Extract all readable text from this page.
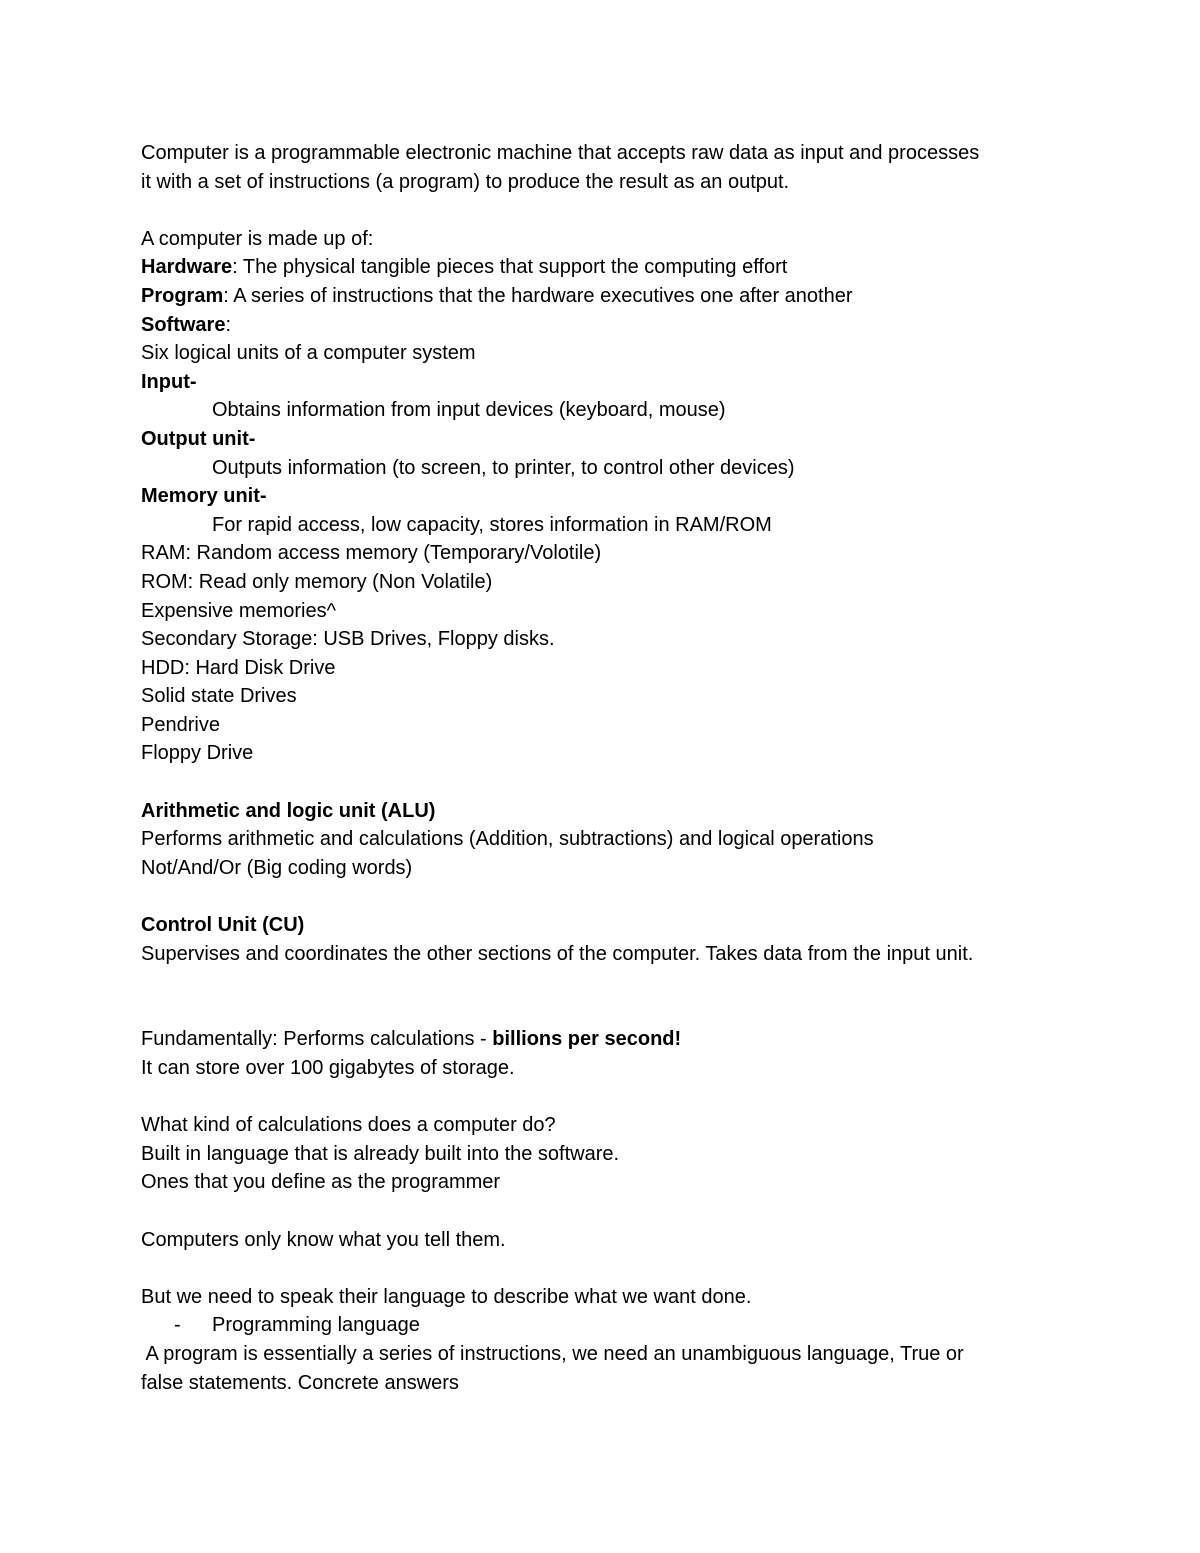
Computer is a programmable electronic machine that accepts raw data as input and processes
it with a set of instructions (a program) to produce the result as an output.
A computer is made up of:
Hardware: The physical tangible pieces that support the computing effort
Program: A series of instructions that the hardware executives one after another
Software:
Six logical units of a computer system
Input-
Obtains information from input devices (keyboard, mouse)
Output unit-
Outputs information (to screen, to printer, to control other devices)
Memory unit-
For rapid access, low capacity, stores information in RAM/ROM
RAM: Random access memory (Temporary/Volotile)
ROM: Read only memory (Non Volatile)
Expensive memories^
Secondary Storage: USB Drives, Floppy disks.
HDD: Hard Disk Drive
Solid state Drives
Pendrive
Floppy Drive
Arithmetic and logic unit (ALU)
Performs arithmetic and calculations (Addition, subtractions) and logical operations
Not/And/Or (Big coding words)
Control Unit (CU)
Supervises and coordinates the other sections of the computer. Takes data from the input unit.
Fundamentally: Performs calculations - billions per second!
It can store over 100 gigabytes of storage.
What kind of calculations does a computer do?
Built in language that is already built into the software.
Ones that you define as the programmer
Computers only know what you tell them.
But we need to speak their language to describe what we want done.
-	Programming language
A program is essentially a series of instructions, we need an unambiguous language, True or
false statements. Concrete answers
